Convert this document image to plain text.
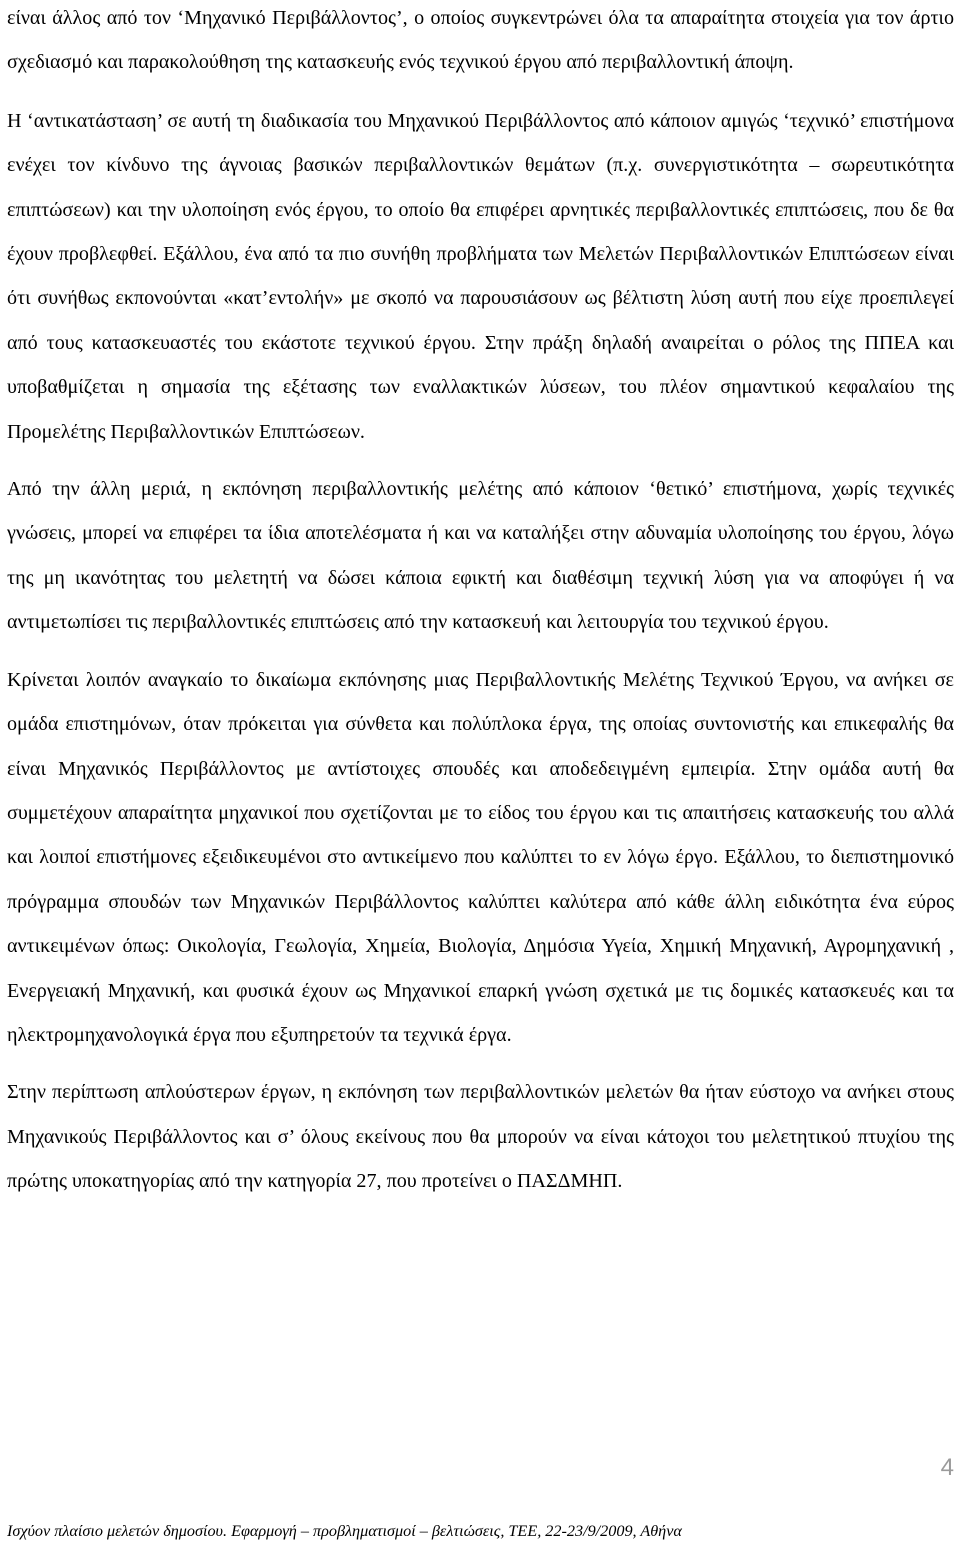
είναι άλλος από τον ‘Μηχανικό Περιβάλλοντος’, ο οποίος συγκεντρώνει όλα τα απαραίτητα στοιχεία για τον άρτιο σχεδιασμό και παρακολούθηση της κατασκευής ενός τεχνικού έργου από περιβαλλοντική άποψη.

Η ‘αντικατάσταση’ σε αυτή τη διαδικασία του Μηχανικού Περιβάλλοντος από κάποιον αμιγώς ‘τεχνικό’ επιστήμονα ενέχει τον κίνδυνο της άγνοιας βασικών περιβαλλοντικών θεμάτων (π.χ. συνεργιστικότητα – σωρευτικότητα επιπτώσεων) και την υλοποίηση ενός έργου, το οποίο θα επιφέρει αρνητικές περιβαλλοντικές επιπτώσεις, που δε θα έχουν προβλεφθεί. Εξάλλου, ένα από τα πιο συνήθη προβλήματα των Μελετών Περιβαλλοντικών Επιπτώσεων είναι ότι συνήθως εκπονούνται «κατ’εντολήν» με σκοπό να παρουσιάσουν ως βέλτιστη λύση αυτή που είχε προεπιλεγεί από τους κατασκευαστές του εκάστοτε τεχνικού έργου. Στην πράξη δηλαδή αναιρείται ο ρόλος της ΠΠΕΑ και υποβαθμίζεται η σημασία της εξέτασης των εναλλακτικών λύσεων, του πλέον σημαντικού κεφαλαίου της Προμελέτης Περιβαλλοντικών Επιπτώσεων.

Από την άλλη μεριά, η εκπόνηση περιβαλλοντικής μελέτης από κάποιον ‘θετικό’ επιστήμονα, χωρίς τεχνικές γνώσεις, μπορεί να επιφέρει τα ίδια αποτελέσματα ή και να καταλήξει στην αδυναμία υλοποίησης του έργου, λόγω της μη ικανότητας του μελετητή να δώσει κάποια εφικτή και διαθέσιμη τεχνική λύση για να αποφύγει ή να αντιμετωπίσει τις περιβαλλοντικές επιπτώσεις από την κατασκευή και λειτουργία του τεχνικού έργου.

Κρίνεται λοιπόν αναγκαίο το δικαίωμα εκπόνησης μιας Περιβαλλοντικής Μελέτης Τεχνικού Έργου, να ανήκει σε ομάδα επιστημόνων, όταν πρόκειται για σύνθετα και πολύπλοκα έργα, της οποίας συντονιστής και επικεφαλής θα είναι Μηχανικός Περιβάλλοντος με αντίστοιχες σπουδές και αποδεδειγμένη εμπειρία. Στην ομάδα αυτή θα συμμετέχουν απαραίτητα μηχανικοί που σχετίζονται με το είδος του έργου και τις απαιτήσεις κατασκευής του αλλά και λοιποί επιστήμονες εξειδικευμένοι στο αντικείμενο που καλύπτει το εν λόγω έργο. Εξάλλου, το διεπιστημονικό πρόγραμμα σπουδών των Μηχανικών Περιβάλλοντος καλύπτει καλύτερα από κάθε άλλη ειδικότητα ένα εύρος αντικειμένων όπως: Οικολογία, Γεωλογία, Χημεία, Βιολογία, Δημόσια Υγεία, Χημική Μηχανική, Αγρομηχανική , Ενεργειακή Μηχανική, και φυσικά έχουν ως Μηχανικοί επαρκή γνώση σχετικά με τις δομικές κατασκευές και τα ηλεκτρομηχανολογικά έργα που εξυπηρετούν τα τεχνικά έργα.

Στην περίπτωση απλούστερων έργων, η εκπόνηση των περιβαλλοντικών μελετών θα ήταν εύστοχο να ανήκει στους Μηχανικούς Περιβάλλοντος και σ’ όλους εκείνους που θα μπορούν να είναι κάτοχοι του μελετητικού πτυχίου της πρώτης υποκατηγορίας από την κατηγορία 27, που προτείνει ο ΠΑΣΔΜΗΠ.

4

Ισχύον πλαίσιο μελετών δημοσίου. Εφαρμογή – προβληματισμοί – βελτιώσεις, ΤΕΕ, 22-23/9/2009, Αθήνα
